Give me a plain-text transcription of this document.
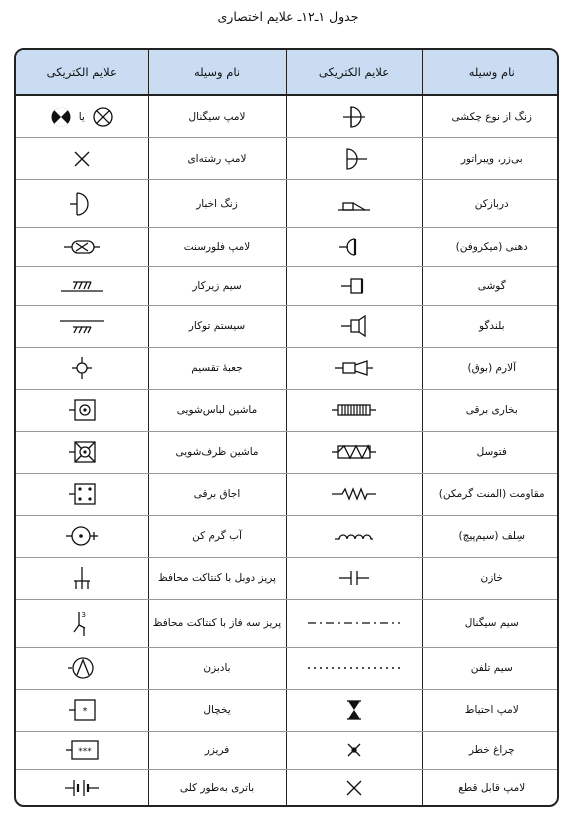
جدول ۱ـ۱۲ـ علایم اختصاری
علایم الکتریکی	نام وسیله	علایم الکتریکی	نام وسیله

یا	لامپ سیگنال		زنگ از نوع چکشی

	لامپ رشته‌ای		بی‌زر، ویبراتور

	زنگ اخبار		دربازکن

	لامپ فلورسنت		دهنی (میکروفن)

	سیم زیرکار		گوشی

	سیستم توکار		بلندگو

	جعبهٔ تقسیم		آلارم (بوق)

	ماشین لباس‌شویی		بخاری برقی

	ماشین ظرف‌شویی		فتوسل

	اجاق برقی		مقاومت (المنت گرمکن)

	آب گرم کن		سِلف (سیم‌پیچ)

	پریز دوبل با کنتاکت محافظ		خازن

3	پریز سه فاز با کنتاکت محافظ		سیم سیگنال

	بادبزن		سیم تلفن

*	یخچال		لامپ احتیاط

***	فریزر		چراغ خطر

	باتری به‌طور کلی		لامپ قابل قطع
